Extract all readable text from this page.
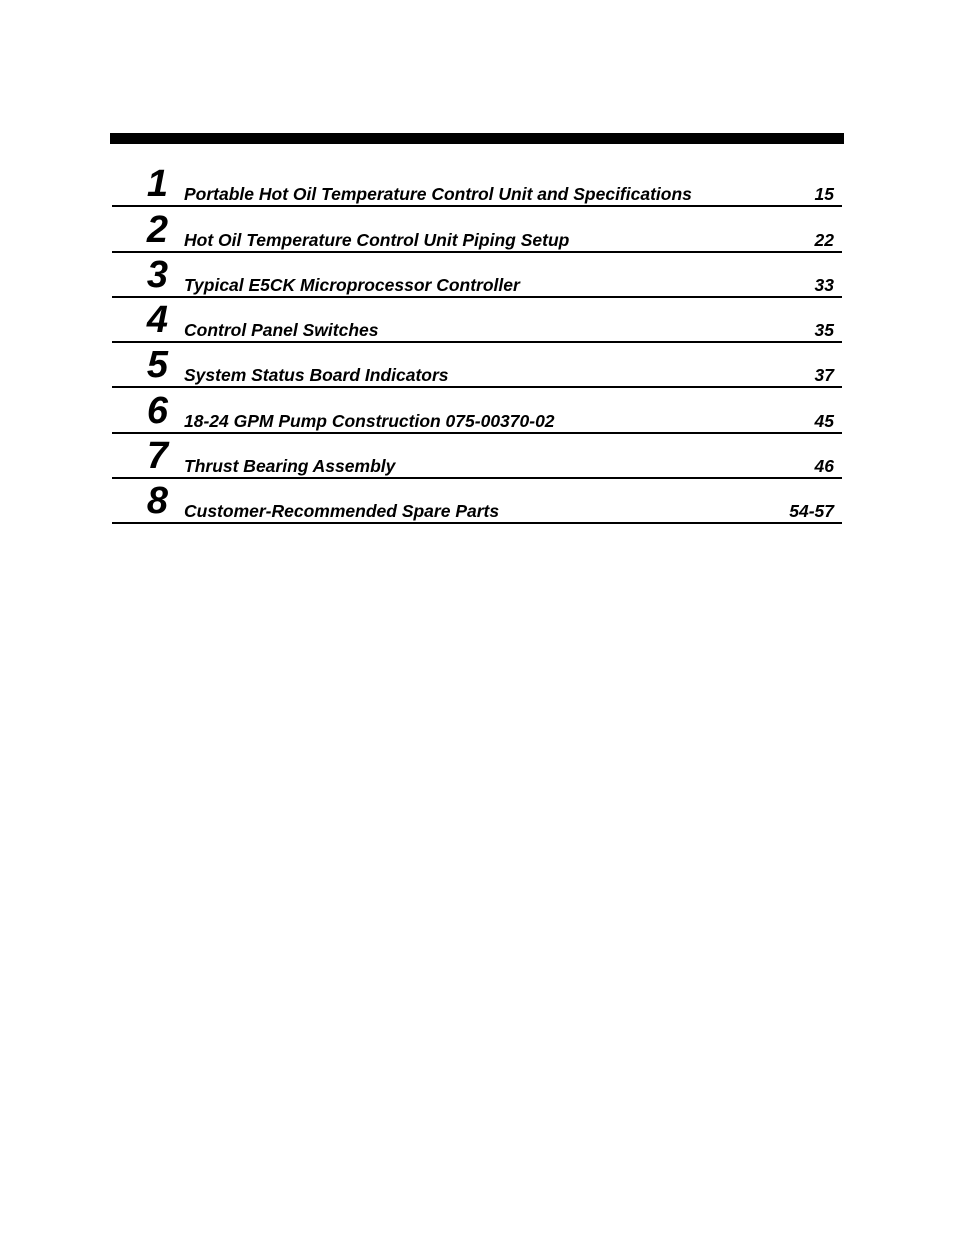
1 Portable Hot Oil Temperature Control Unit and Specifications	15
2 Hot Oil Temperature Control Unit Piping Setup	22
3 Typical E5CK Microprocessor Controller	33
4 Control Panel Switches	35
5 System Status Board Indicators	37
6 18-24 GPM Pump Construction 075-00370-02	45
7 Thrust Bearing Assembly	46
8 Customer-Recommended Spare Parts	54-57
